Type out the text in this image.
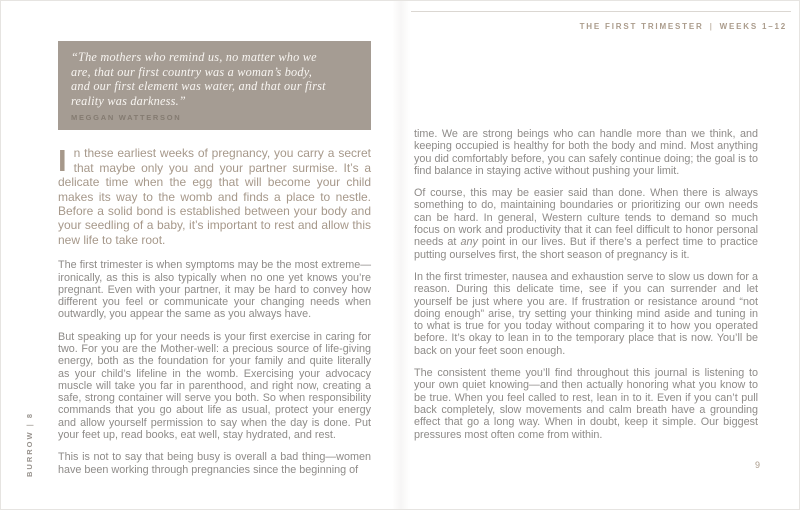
BURROW | 8

“The mothers who remind us, no matter who we are, that our first country was a woman’s body, and our first element was water, and that our first reality was darkness.”

MEGGAN WATTERSON

In these earliest weeks of pregnancy, you carry a secret that maybe only you and your partner surmise. It’s a delicate time when the egg that will become your child makes its way to the womb and finds a place to nestle. Before a solid bond is established between your body and your seedling of a baby, it’s important to rest and allow this new life to take root.

The first trimester is when symptoms may be the most extreme—ironically, as this is also typically when no one yet knows you’re pregnant. Even with your partner, it may be hard to convey how different you feel or communicate your changing needs when outwardly, you appear the same as you always have.

But speaking up for your needs is your first exercise in caring for two. For you are the Mother-well: a precious source of life-giving energy, both as the foundation for your family and quite literally as your child’s lifeline in the womb. Exercising your advocacy muscle will take you far in parenthood, and right now, creating a safe, strong container will serve you both. So when responsibility commands that you go about life as usual, protect your energy and allow yourself permission to say when the day is done. Put your feet up, read books, eat well, stay hydrated, and rest.

This is not to say that being busy is overall a bad thing—women have been working through pregnancies since the beginning of

THE FIRST TRIMESTER | WEEKS 1–12

time. We are strong beings who can handle more than we think, and keeping occupied is healthy for both the body and mind. Most anything you did comfortably before, you can safely continue doing; the goal is to find balance in staying active without pushing your limit.

Of course, this may be easier said than done. When there is always something to do, maintaining boundaries or prioritizing our own needs can be hard. In general, Western culture tends to demand so much focus on work and productivity that it can feel difficult to honor personal needs at any point in our lives. But if there’s a perfect time to practice putting ourselves first, the short season of pregnancy is it.

In the first trimester, nausea and exhaustion serve to slow us down for a reason. During this delicate time, see if you can surrender and let yourself be just where you are. If frustration or resistance around “not doing enough” arise, try setting your thinking mind aside and tuning in to what is true for you today without comparing it to how you operated before. It’s okay to lean in to the temporary place that is now. You’ll be back on your feet soon enough.

The consistent theme you’ll find throughout this journal is listening to your own quiet knowing—and then actually honoring what you know to be true. When you feel called to rest, lean in to it. Even if you can’t pull back completely, slow movements and calm breath have a grounding effect that go a long way. When in doubt, keep it simple. Our biggest pressures most often come from within.

9
